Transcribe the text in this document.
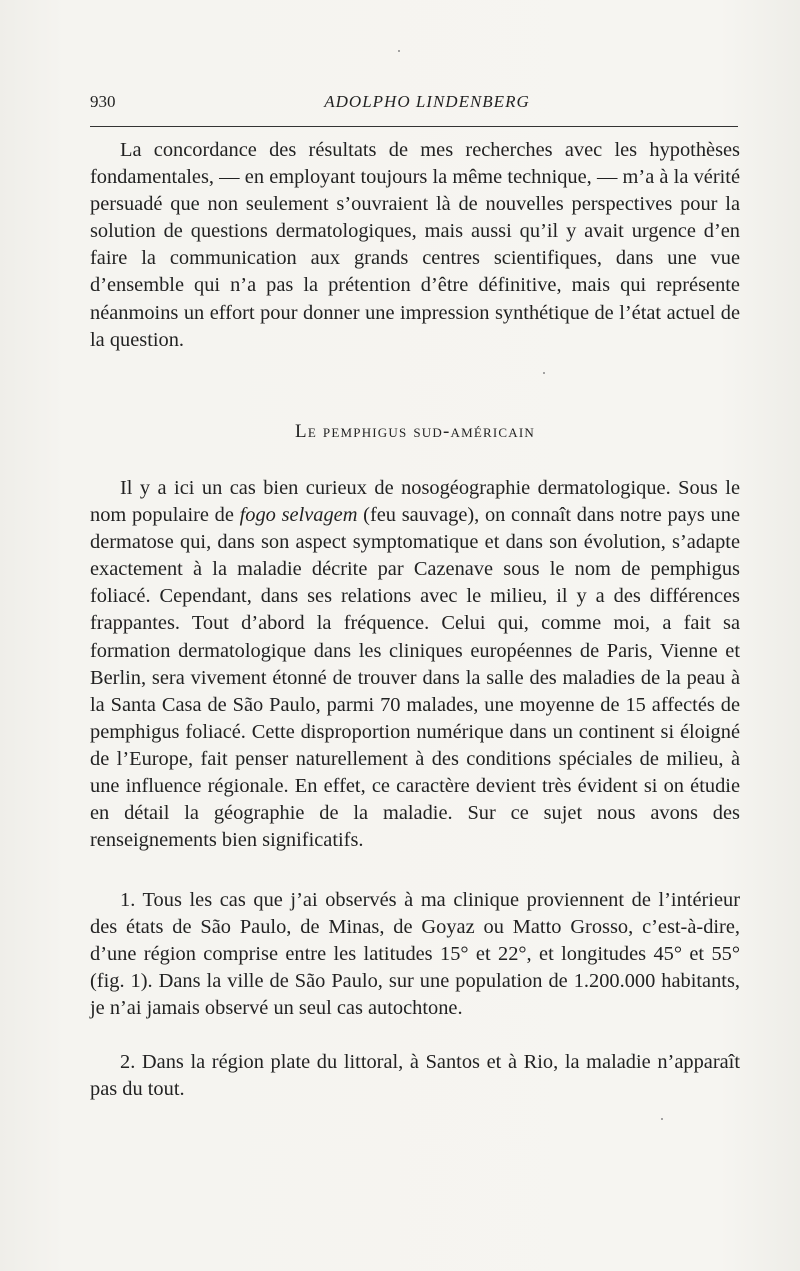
930	ADOLPHO LINDENBERG

La concordance des résultats de mes recherches avec les hypothèses fondamentales, — en employant toujours la même technique, — m’a à la vérité persuadé que non seulement s’ouvraient là de nouvelles perspectives pour la solution de questions dermatologiques, mais aussi qu’il y avait urgence d’en faire la communication aux grands centres scientifiques, dans une vue d’ensemble qui n’a pas la prétention d’être définitive, mais qui représente néanmoins un effort pour donner une impression synthétique de l’état actuel de la question.

Le pemphigus sud-américain

Il y a ici un cas bien curieux de nosogéographie dermatologique. Sous le nom populaire de fogo selvagem (feu sauvage), on connaît dans notre pays une dermatose qui, dans son aspect symptomatique et dans son évolution, s’adapte exactement à la maladie décrite par Cazenave sous le nom de pemphigus foliacé. Cependant, dans ses relations avec le milieu, il y a des différences frappantes. Tout d’abord la fréquence. Celui qui, comme moi, a fait sa formation dermatologique dans les cliniques européennes de Paris, Vienne et Berlin, sera vivement étonné de trouver dans la salle des maladies de la peau à la Santa Casa de São Paulo, parmi 70 malades, une moyenne de 15 affectés de pemphigus foliacé. Cette disproportion numérique dans un continent si éloigné de l’Europe, fait penser naturellement à des conditions spéciales de milieu, à une influence régionale. En effet, ce caractère devient très évident si on étudie en détail la géographie de la maladie. Sur ce sujet nous avons des renseignements bien significatifs.

1. Tous les cas que j’ai observés à ma clinique proviennent de l’intérieur des états de São Paulo, de Minas, de Goyaz ou Matto Grosso, c’est-à-dire, d’une région comprise entre les latitudes 15° et 22°, et longitudes 45° et 55° (fig. 1). Dans la ville de São Paulo, sur une population de 1.200.000 habitants, je n’ai jamais observé un seul cas autochtone.

2. Dans la région plate du littoral, à Santos et à Rio, la maladie n’apparaît pas du tout.
